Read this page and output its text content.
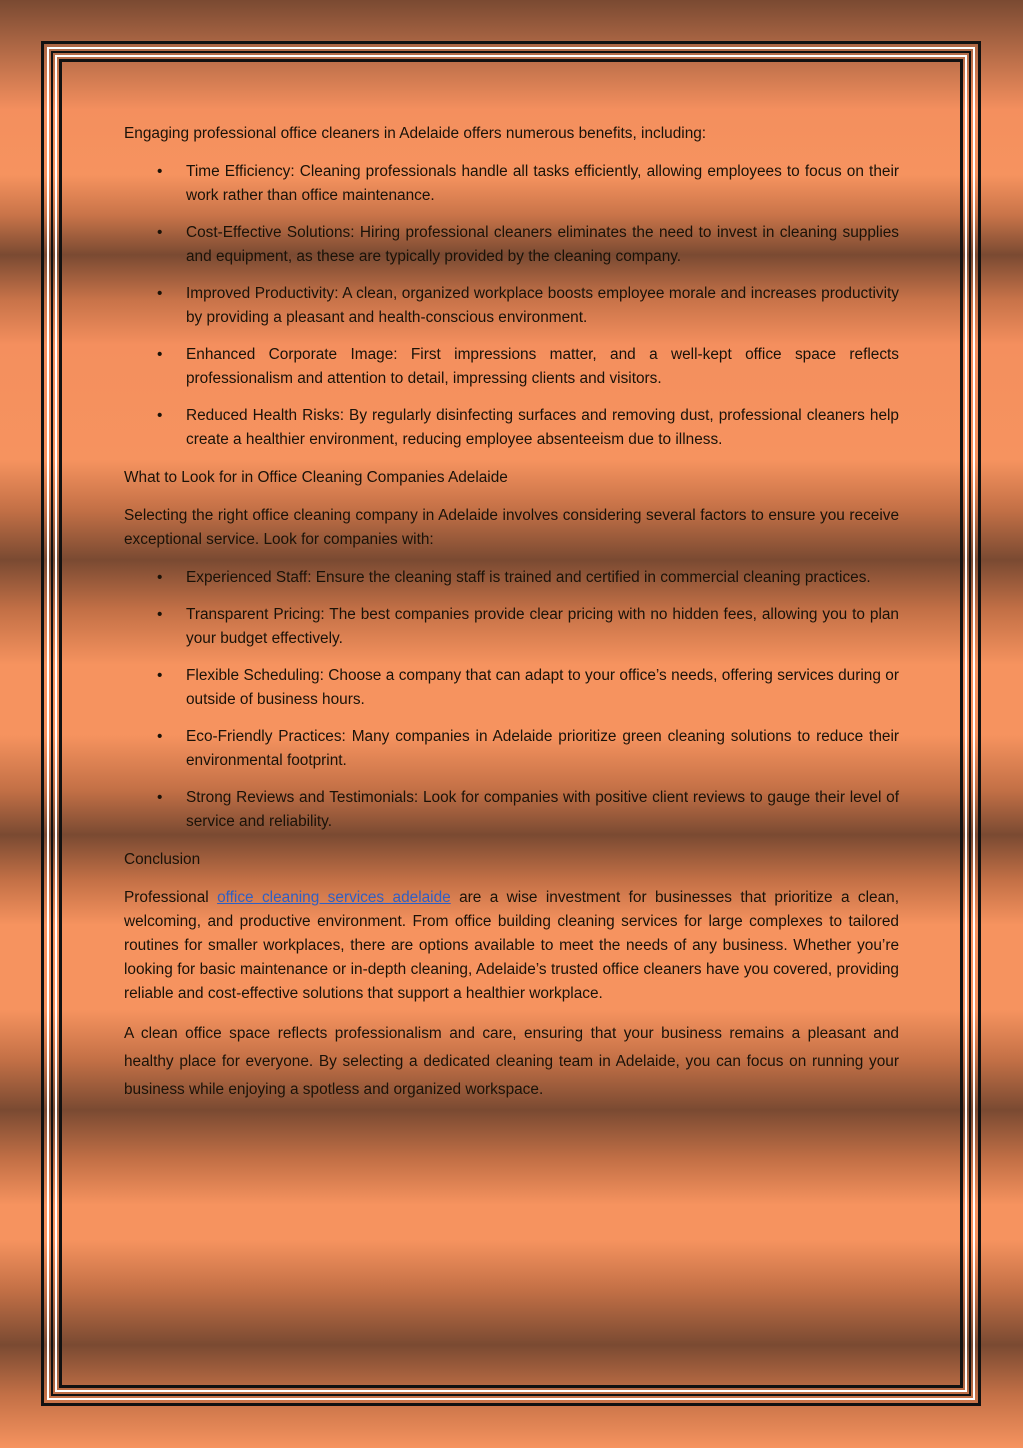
Engaging professional office cleaners in Adelaide offers numerous benefits, including:

• Time Efficiency: Cleaning professionals handle all tasks efficiently, allowing employees to focus on their work rather than office maintenance.
• Cost-Effective Solutions: Hiring professional cleaners eliminates the need to invest in cleaning supplies and equipment, as these are typically provided by the cleaning company.
• Improved Productivity: A clean, organized workplace boosts employee morale and increases productivity by providing a pleasant and health-conscious environment.
• Enhanced Corporate Image: First impressions matter, and a well-kept office space reflects professionalism and attention to detail, impressing clients and visitors.
• Reduced Health Risks: By regularly disinfecting surfaces and removing dust, professional cleaners help create a healthier environment, reducing employee absenteeism due to illness.

What to Look for in Office Cleaning Companies Adelaide

Selecting the right office cleaning company in Adelaide involves considering several factors to ensure you receive exceptional service. Look for companies with:

• Experienced Staff: Ensure the cleaning staff is trained and certified in commercial cleaning practices.
• Transparent Pricing: The best companies provide clear pricing with no hidden fees, allowing you to plan your budget effectively.
• Flexible Scheduling: Choose a company that can adapt to your office’s needs, offering services during or outside of business hours.
• Eco-Friendly Practices: Many companies in Adelaide prioritize green cleaning solutions to reduce their environmental footprint.
• Strong Reviews and Testimonials: Look for companies with positive client reviews to gauge their level of service and reliability.

Conclusion

Professional office cleaning services adelaide are a wise investment for businesses that prioritize a clean, welcoming, and productive environment. From office building cleaning services for large complexes to tailored routines for smaller workplaces, there are options available to meet the needs of any business. Whether you’re looking for basic maintenance or in-depth cleaning, Adelaide’s trusted office cleaners have you covered, providing reliable and cost-effective solutions that support a healthier workplace.

A clean office space reflects professionalism and care, ensuring that your business remains a pleasant and healthy place for everyone. By selecting a dedicated cleaning team in Adelaide, you can focus on running your business while enjoying a spotless and organized workspace.
